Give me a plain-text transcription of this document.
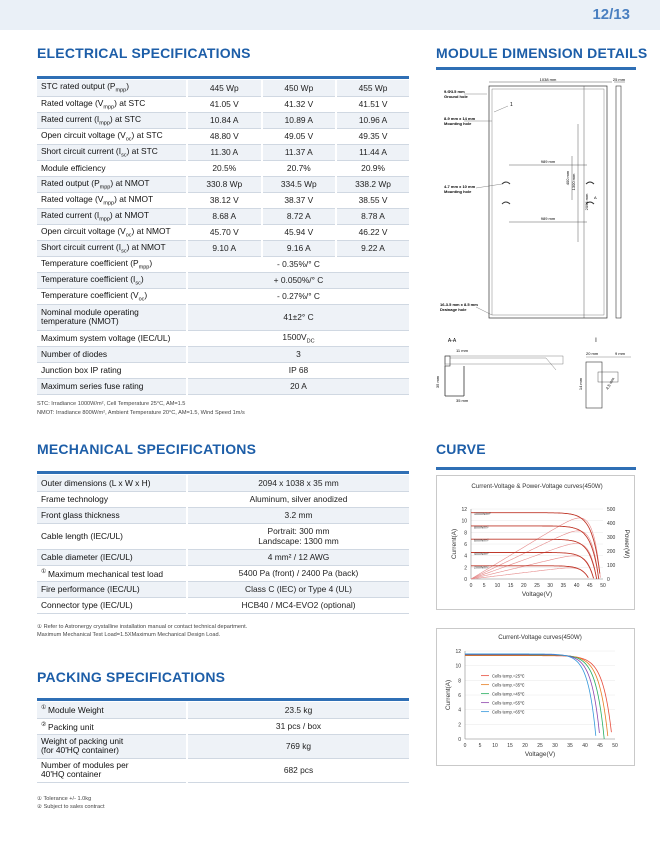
12/13
ELECTRICAL SPECIFICATIONS
STC rated output $(P_{mpp})$	445 Wp	450 Wp	455 Wp
Rated voltage $(V_{mpp})$ at STC	41.05 V	41.32 V	41.51 V
Rated current $(I_{mpp})$ at STC	10.84 A	10.89 A	10.96 A
Open circuit voltage $(V_{oc})$ at STC	48.80 V	49.05 V	49.35 V
Short circuit current $(I_{sc})$ at STC	11.30 A	11.37 A	11.44 A
Module efficiency	20.5%	20.7%	20.9%
Rated output $(P_{mpp})$ at NMOT	330.8 Wp	334.5 Wp	338.2 Wp
Rated voltage $(V_{mpp})$ at NMOT	38.12 V	38.37 V	38.55 V
Rated current $(I_{mpp})$ at NMOT	8.68 A	8.72 A	8.78 A
Open circuit voltage $(V_{oc})$ at NMOT	45.70 V	45.94 V	46.22 V
Short circuit current $(I_{sc})$ at NMOT	9.10 A	9.16 A	9.22 A
Temperature coefficient $(P_{mpp})$	- 0.35%/° C		
Temperature coefficient $(I_{sc})$	+ 0.050%/° C		
Temperature coefficient $(V_{oc})$	- 0.27%/° C		
Nominal module operating temperature (NMOT)	41±2° C		
Maximum system voltage (IEC/UL)	$1500V_{DC}$
Number of diodes	3		
Junction box IP rating	IP 68		
Maximum series fuse rating	20 A		
STC: Irradiance 1000W/m², Cell Temperature 25°C, AM=1.5
NMOT: Irradiance 800W/m², Ambient Temperature 20°C, AM=1.5, Wind Speed 1m/s
MECHANICAL SPECIFICATIONS
Outer dimensions (L x W x H)	2094 x 1038 x 35 mm
Frame technology	Aluminum, silver anodized
Front glass thickness	3.2 mm
Cable length (IEC/UL)	Portrait: 300 mm
Landscape: 1300 mm

Cable diameter (IEC/UL)	4 mm² / 12 AWG
① Maximum mechanical test load	5400 Pa (front) / 2400 Pa (back)
Fire performance (IEC/UL)	Class C (IEC) or Type 4 (UL)
Connector type (IEC/UL)	HCB40 / MC4-EVO2 (optional)
① Refer to Astronergy crystalline installation manual or contact technical department.
Maximum Mechanical Test Load=1.5XMaximum Mechanical Design Load.
PACKING SPECIFICATIONS
① Module Weight	23.5 kg
② Packing unit	31 pcs / box
Weight of packing unit
(for 40'HQ container)	769 kg
Number of modules per
40'HQ container	682 pcs
① Tolerance +/- 1.0kg
② Subject to sales contract
MODULE DIMENSION DETAILS
1038 mm	25 mm
9-Φ3.5 mm
Ground hole
8-9 mm x 14 mm
Mounting hole
4-7 mm x 10 mm
Mounting hole
16-3.5 mm x 8.5 mm
Drainage hole
989 mm
989 mm
400 mm 1300 mm
2094 mm
1
A
A-A	I
11 mm
35 mm
35 mm
20 mm	9 mm
14 mm	4.5 mm
CURVE
Current-Voltage & Power-Voltage curves(450W)
0
2
4
6
8
10
12
0 5 10 15 20 25 30 35 40 45 50
Voltage(V)
Current(A)
0
100
200
300
400
500
Power(W)
1000W/m²
800W/m²
600W/m²
400W/m²
200W/m²
Current-Voltage curves(450W)
0
2
4
6
8
10
12
0 5 10 15 20 25 30 35 40 45 50
Voltage(V)
Current(A)
Cells temp.=25℃
Cells temp.=35℃
Cells temp.=45℃
Cells temp.=55℃
Cells temp.=65℃
